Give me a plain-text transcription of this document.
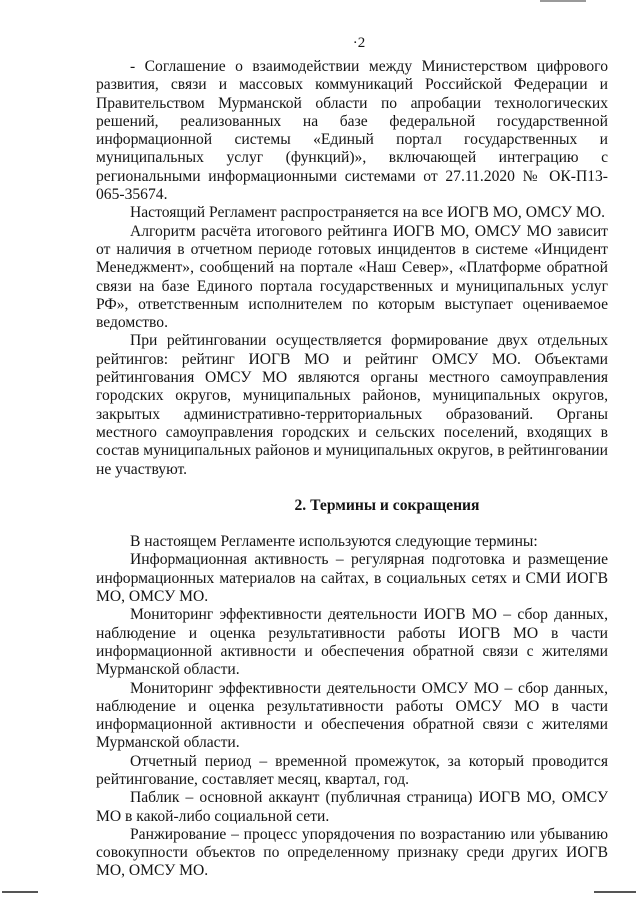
·2

- Соглашение о взаимодействии между Министерством цифрового развития, связи и массовых коммуникаций Российской Федерации и Правительством Мурманской области по апробации технологических решений, реализованных на базе федеральной государственной информационной системы «Единый портал государственных и муниципальных услуг (функций)», включающей интеграцию с региональными информационными системами от 27.11.2020 № ОК-П13-065-35674.

Настоящий Регламент распространяется на все ИОГВ МО, ОМСУ МО.

Алгоритм расчёта итогового рейтинга ИОГВ МО, ОМСУ МО зависит от наличия в отчетном периоде готовых инцидентов в системе «Инцидент Менеджмент», сообщений на портале «Наш Север», «Платформе обратной связи на базе Единого портала государственных и муниципальных услуг РФ», ответственным исполнителем по которым выступает оцениваемое ведомство.

При рейтинговании осуществляется формирование двух отдельных рейтингов: рейтинг ИОГВ МО и рейтинг ОМСУ МО. Объектами рейтингования ОМСУ МО являются органы местного самоуправления городских округов, муниципальных районов, муниципальных округов, закрытых административно-территориальных образований. Органы местного самоуправления городских и сельских поселений, входящих в состав муниципальных районов и муниципальных округов, в рейтинговании не участвуют.

2. Термины и сокращения

В настоящем Регламенте используются следующие термины:

Информационная активность – регулярная подготовка и размещение информационных материалов на сайтах, в социальных сетях и СМИ ИОГВ МО, ОМСУ МО.

Мониторинг эффективности деятельности ИОГВ МО – сбор данных, наблюдение и оценка результативности работы ИОГВ МО в части информационной активности и обеспечения обратной связи с жителями Мурманской области.

Мониторинг эффективности деятельности ОМСУ МО – сбор данных, наблюдение и оценка результативности работы ОМСУ МО в части информационной активности и обеспечения обратной связи с жителями Мурманской области.

Отчетный период – временной промежуток, за который проводится рейтингование, составляет месяц, квартал, год.

Паблик – основной аккаунт (публичная страница) ИОГВ МО, ОМСУ МО в какой-либо социальной сети.

Ранжирование – процесс упорядочения по возрастанию или убыванию совокупности объектов по определенному признаку среди других ИОГВ МО, ОМСУ МО.
